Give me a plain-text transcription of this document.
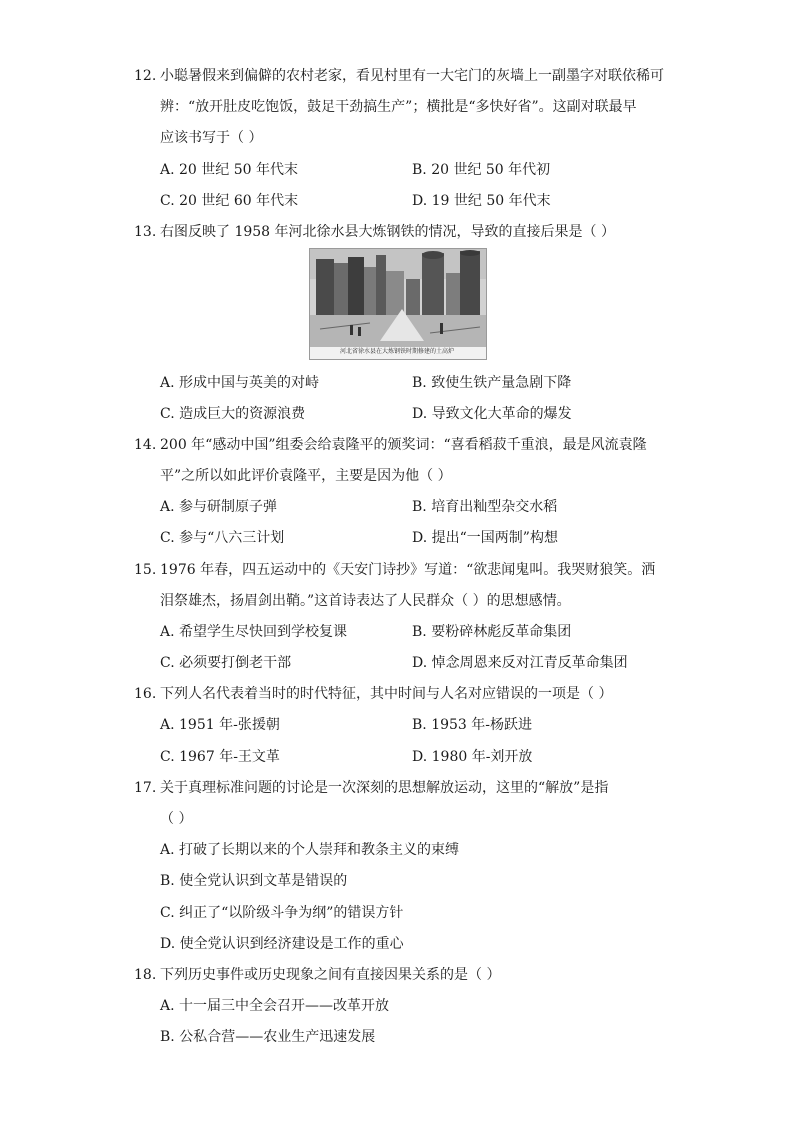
12. 小聪暑假来到偏僻的农村老家，看见村里有一大宅门的灰墙上一副墨字对联依稀可
辨：“放开肚皮吃饱饭，鼓足干劲搞生产”；横批是“多快好省”。这副对联最早
应该书写于（ ）
A. 20 世纪 50 年代末	B. 20 世纪 50 年代初
C. 20 世纪 60 年代末	D. 19 世纪 50 年代末
13. 右图反映了 1958 年河北徐水县大炼钢铁的情况，导致的直接后果是（ ）
河北省徐水县在大炼钢铁时期修建的土高炉
A. 形成中国与英美的对峙	B. 致使生铁产量急剧下降
C. 造成巨大的资源浪费	D. 导致文化大革命的爆发
14. 200 年“感动中国”组委会给袁隆平的颁奖词：“喜看稻菽千重浪，最是风流袁隆
平”之所以如此评价袁隆平，主要是因为他（ ）
A. 参与研制原子弹	B. 培育出籼型杂交水稻
C. 参与“八六三计划	D. 提出“一国两制”构想
15. 1976 年春，四五运动中的《天安门诗抄》写道：“欲悲闻鬼叫。我哭财狼笑。洒
泪祭雄杰，扬眉剑出鞘。”这首诗表达了人民群众（ ）的思想感情。
A. 希望学生尽快回到学校复课	B. 要粉碎林彪反革命集团
C. 必须要打倒老干部	D. 悼念周恩来反对江青反革命集团
16. 下列人名代表着当时的时代特征，其中时间与人名对应错误的一项是（ ）
A. 1951 年-张援朝	B. 1953 年-杨跃进
C. 1967 年-王文革	D. 1980 年-刘开放
17. 关于真理标准问题的讨论是一次深刻的思想解放运动，这里的“解放”是指
（ ）
A. 打破了长期以来的个人崇拜和教条主义的束缚
B. 使全党认识到文革是错误的
C. 纠正了“以阶级斗争为纲”的错误方针
D. 使全党认识到经济建设是工作的重心
18. 下列历史事件或历史现象之间有直接因果关系的是（ ）
A. 十一届三中全会召开——改革开放
B. 公私合营——农业生产迅速发展
